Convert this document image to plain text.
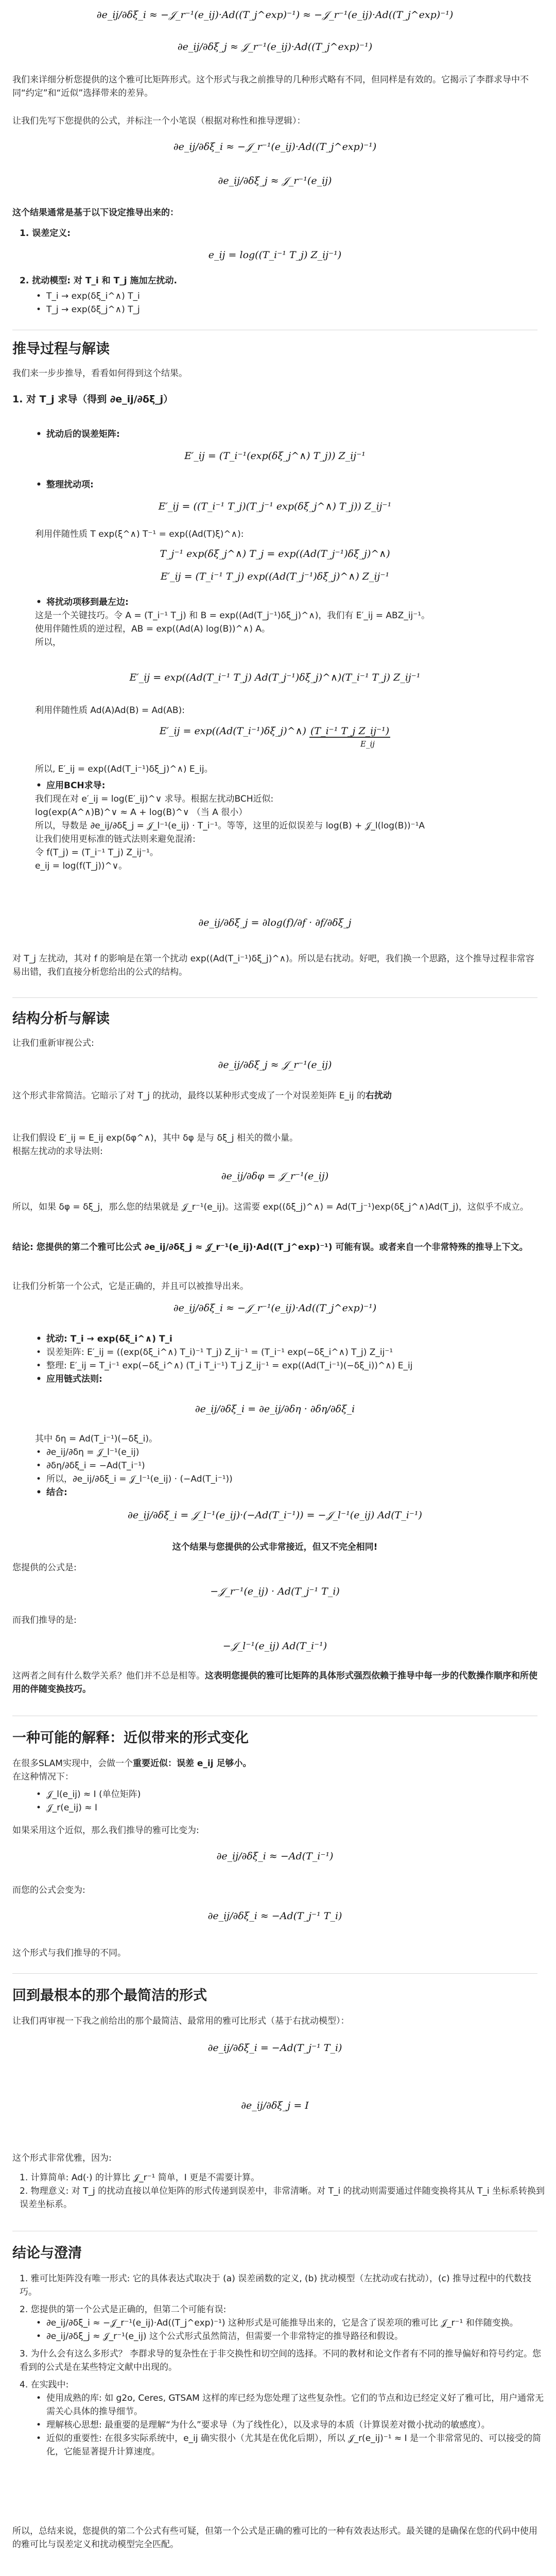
∂e_ij/∂δξ_i ≈ −𝒥_r⁻¹(e_ij)·Ad((T_j^exp)⁻¹) ≈ −𝒥_r⁻¹(e_ij)·Ad((T_j^exp)⁻¹)

∂e_ij/∂δξ_j ≈ 𝒥_r⁻¹(e_ij)·Ad((T_j^exp)⁻¹)

我们来详细分析您提供的这个雅可比矩阵形式。这个形式与我之前推导的几种形式略有不同，但同样是有效的。它揭示了李群求导中不同“约定”和“近似”选择带来的差异。

让我们先写下您提供的公式，并标注一个小笔误（根据对称性和推导逻辑）：

∂e_ij/∂δξ_i ≈ −𝒥_r⁻¹(e_ij)·Ad((T_j^exp)⁻¹)

∂e_ij/∂δξ_j ≈ 𝒥_r⁻¹(e_ij)

这个结果通常是基于以下设定推导出来的：

1. 误差定义:

e_ij = log((T_i⁻¹ T_j) Z_ij⁻¹)

2. 扰动模型: 对 T_i 和 T_j 施加左扰动.

• T_i → exp(δξ_i^∧) T_i

• T_j → exp(δξ_j^∧) T_j

推导过程与解读

我们来一步步推导，看看如何得到这个结果。

1. 对 T_j 求导（得到 ∂e_ij/∂δξ_j）

• 扰动后的误差矩阵:

E′_ij = (T_i⁻¹(exp(δξ_j^∧) T_j)) Z_ij⁻¹

• 整理扰动项:

E′_ij = ((T_i⁻¹ T_j)(T_j⁻¹ exp(δξ_j^∧) T_j)) Z_ij⁻¹

利用伴随性质 T exp(ξ^∧) T⁻¹ = exp((Ad(T)ξ)^∧):

T_j⁻¹ exp(δξ_j^∧) T_j = exp((Ad(T_j⁻¹)δξ_j)^∧)

E′_ij = (T_i⁻¹ T_j) exp((Ad(T_j⁻¹)δξ_j)^∧) Z_ij⁻¹

• 将扰动项移到最左边:

这是一个关键技巧。令 A = (T_i⁻¹ T_j) 和 B = exp((Ad(T_j⁻¹)δξ_j)^∧)，我们有 E′_ij = ABZ_ij⁻¹。

使用伴随性质的逆过程，AB = exp((Ad(A) log(B))^∧) A。

所以，

E′_ij = exp((Ad(T_i⁻¹ T_j) Ad(T_j⁻¹)δξ_j)^∧)(T_i⁻¹ T_j) Z_ij⁻¹

利用伴随性质 Ad(A)Ad(B) = Ad(AB):

E′_ij = exp((Ad(T_i⁻¹)δξ_j)^∧) (T_i⁻¹ T_j Z_ij⁻¹)

E_ij

所以, E′_ij = exp((Ad(T_i⁻¹)δξ_j)^∧) E_ij。

• 应用BCH求导:

我们现在对 e′_ij = log(E′_ij)^∨ 求导。根据左扰动BCH近似:

log(exp(A^∧)B)^∨ ≈ A + log(B)^∨ （当 A 很小）

所以，导数是 ∂e_ij/∂δξ_j = 𝒥_l⁻¹(e_ij) · T_i⁻¹。等等，这里的近似误差与 log(B) + 𝒥_l(log(B))⁻¹A

让我们使用更标准的链式法则来避免混淆:

令 f(T_j) = (T_i⁻¹ T_j) Z_ij⁻¹。

e_ij = log(f(T_j))^∨。

∂e_ij/∂δξ_j = ∂log(f)/∂f · ∂f/∂δξ_j

对 T_j 左扰动，其对 f 的影响是在第一个扰动 exp((Ad(T_i⁻¹)δξ_j)^∧)。所以是右扰动。好吧，我们换一个思路，这个推导过程非常容易出错，我们直接分析您给出的公式的结构。

结构分析与解读

让我们重新审视公式:

∂e_ij/∂δξ_j ≈ 𝒥_r⁻¹(e_ij)

这个形式非常简洁。它暗示了对 T_j 的扰动，最终以某种形式变成了一个对误差矩阵 E_ij 的右扰动

让我们假设 E′_ij = E_ij exp(δφ^∧)，其中 δφ 是与 δξ_j 相关的微小量。

根据左扰动的求导法则:

∂e_ij/∂δφ = 𝒥_r⁻¹(e_ij)

所以，如果 δφ = δξ_j，那么您的结果就是 𝒥_r⁻¹(e_ij)。这需要 exp((δξ_j)^∧) = Ad(T_j⁻¹)exp(δξ_j^∧)Ad(T_j)，这似乎不成立。

结论: 您提供的第二个雅可比公式 ∂e_ij/∂δξ_j ≈ 𝒥_r⁻¹(e_ij)·Ad((T_j^exp)⁻¹) 可能有误。或者来自一个非常特殊的推导上下文。

让我们分析第一个公式，它是正确的，并且可以被推导出来。

∂e_ij/∂δξ_i ≈ −𝒥_r⁻¹(e_ij)·Ad((T_j^exp)⁻¹)

• 扰动: T_i → exp(δξ_i^∧) T_i

• 误差矩阵: E′_ij = ((exp(δξ_i^∧) T_i)⁻¹ T_j) Z_ij⁻¹ = (T_i⁻¹ exp(−δξ_i^∧) T_j) Z_ij⁻¹

• 整理: E′_ij = T_i⁻¹ exp(−δξ_i^∧) (T_i T_i⁻¹) T_j Z_ij⁻¹ = exp((Ad(T_i⁻¹)(−δξ_i))^∧) E_ij

• 应用链式法则:

∂e_ij/∂δξ_i = ∂e_ij/∂δη · ∂δη/∂δξ_i

其中 δη = Ad(T_i⁻¹)(−δξ_i)。

• ∂e_ij/∂δη = 𝒥_l⁻¹(e_ij)

• ∂δη/∂δξ_i = −Ad(T_i⁻¹)

• 所以，∂e_ij/∂δξ_i = 𝒥_l⁻¹(e_ij) · (−Ad(T_i⁻¹))

• 结合:

∂e_ij/∂δξ_i = 𝒥_l⁻¹(e_ij)·(−Ad(T_i⁻¹)) = −𝒥_l⁻¹(e_ij) Ad(T_i⁻¹)

这个结果与您提供的公式非常接近，但又不完全相同!

您提供的公式是:

−𝒥_r⁻¹(e_ij) · Ad(T_j⁻¹ T_i)

而我们推导的是:

−𝒥_l⁻¹(e_ij) Ad(T_i⁻¹)

这两者之间有什么数学关系？他们并不总是相等。这表明您提供的雅可比矩阵的具体形式强烈依赖于推导中每一步的代数操作顺序和所使用的伴随变换技巧。

一种可能的解释：近似带来的形式变化

在很多SLAM实现中，会做一个重要近似：误差 e_ij 足够小。

在这种情况下：

• 𝒥_l(e_ij) ≈ I (单位矩阵)

• 𝒥_r(e_ij) ≈ I

如果采用这个近似，那么我们推导的雅可比变为:

∂e_ij/∂δξ_i ≈ −Ad(T_i⁻¹)

而您的公式会变为:

∂e_ij/∂δξ_i ≈ −Ad(T_j⁻¹ T_i)

这个形式与我们推导的不同。

回到最根本的那个最简洁的形式

让我们再审视一下我之前给出的那个最简洁、最常用的雅可比形式（基于右扰动模型）：

∂e_ij/∂δξ_i = −Ad(T_j⁻¹ T_i)

∂e_ij/∂δξ_j = I

这个形式非常优雅，因为:

1. 计算简单: Ad(·) 的计算比 𝒥_r⁻¹ 简单，I 更是不需要计算。

2. 物理意义: 对 T_j 的扰动直接以单位矩阵的形式传递到误差中，非常清晰。对 T_i 的扰动则需要通过伴随变换将其从 T_i 坐标系转换到误差坐标系。

结论与澄清

1. 雅可比矩阵没有唯一形式: 它的具体表达式取决于 (a) 误差函数的定义, (b) 扰动模型（左扰动或右扰动），(c) 推导过程中的代数技巧。

2. 您提供的第一个公式是正确的，但第二个可能有误:

• ∂e_ij/∂δξ_i ≈ −𝒥_r⁻¹(e_ij)·Ad((T_j^exp)⁻¹) 这种形式是可能推导出来的，它是含了误差项的雅可比 𝒥_r⁻¹ 和伴随变换。

• ∂e_ij/∂δξ_j ≈ 𝒥_r⁻¹(e_ij) 这个公式形式虽然简洁，但需要一个非常特定的推导路径和假设。

3. 为什么会有这么多形式？ 李群求导的复杂性在于非交换性和切空间的选择。不同的教材和论文作者有不同的推导偏好和符号约定。您看到的公式是在某些特定文献中出现的。

4. 在实践中:

• 使用成熟的库: 如 g2o, Ceres, GTSAM 这样的库已经为您处理了这些复杂性。它们的节点和边已经定义好了雅可比，用户通常无需关心具体的推导细节。

• 理解核心思想: 最重要的是理解“为什么”要求导（为了线性化），以及求导的本质（计算误差对微小扰动的敏感度）。

• 近似的重要性: 在很多实际系统中，e_ij 确实很小（尤其是在优化后期），所以 𝒥_r(e_ij)⁻¹ ≈ I 是一个非常常见的、可以接受的简化，它能显著提升计算速度。

所以，总结来说，您提供的第二个公式有些可疑，但第一个公式是正确的雅可比的一种有效表达形式。最关键的是确保在您的代码中使用的雅可比与误差定义和扰动模型完全匹配。
